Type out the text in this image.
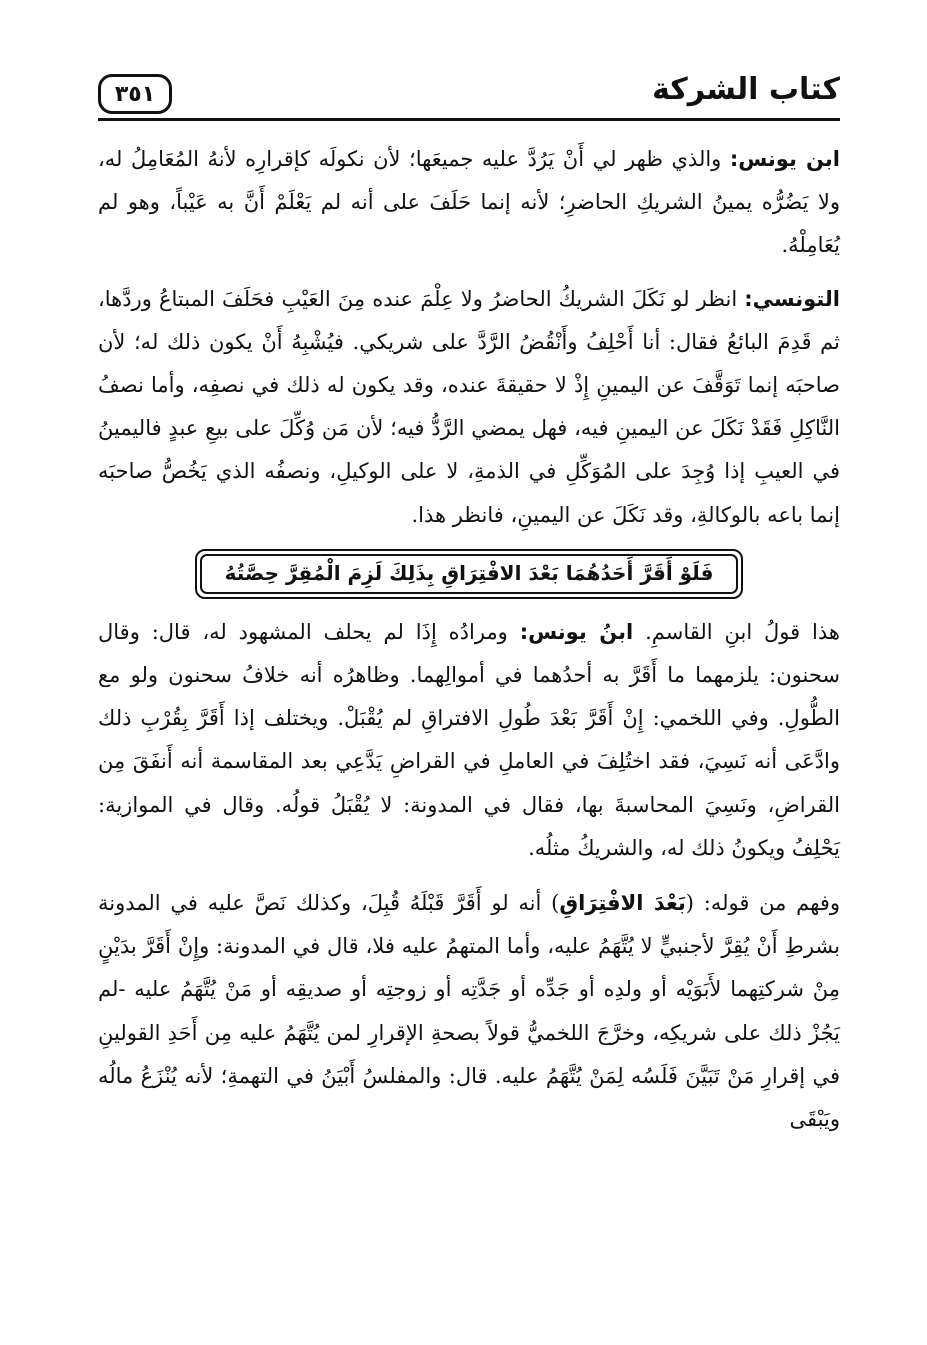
٣٥١	كتاب الشركة

ابن يونس: والذي ظهر لي أَنْ يَرُدَّ عليه جميعَها؛ لأن نكولَه كإقرارِه لأنهُ المُعَامِلُ له، ولا يَضُرُّه يمينُ الشريكِ الحاضرِ؛ لأنه إنما حَلَفَ على أنه لم يَعْلَمْ أَنَّ به عَيْباً، وهو لم يُعَامِلْهُ.

التونسي: انظر لو نَكَلَ الشريكُ الحاضرُ ولا عِلْمَ عنده مِنَ العَيْبِ فحَلَفَ المبتاعُ وردَّها، ثم قَدِمَ البائعُ فقال: أنا أَحْلِفُ وأَنْقُضُ الرَّدَّ على شريكي. فيُشْبِهُ أَنْ يكون ذلك له؛ لأن صاحبَه إنما تَوَقَّفَ عن اليمينِ إِذْ لا حقيقةَ عنده، وقد يكون له ذلك في نصفِه، وأما نصفُ النَّاكِلِ فَقَدْ نَكَلَ عن اليمينِ فيه، فهل يمضي الرَّدُّ فيه؛ لأن مَن وُكِّلَ على بيعِ عبدٍ فاليمينُ في العيبِ إذا وُجِدَ على المُوَكِّلِ في الذمةِ، لا على الوكيلِ، ونصفُه الذي يَخُصُّ صاحبَه إنما باعه بالوكالةِ، وقد نَكَلَ عن اليمينِ، فانظر هذا.

فَلَوْ أَقَرَّ أَحَدُهُمَا بَعْدَ الافْتِرَاقِ بِذَلِكَ لَزِمَ الْمُقِرَّ حِصَّتُهُ

هذا قولُ ابنِ القاسمِ. ابنُ يونس: ومرادُه إِذَا لم يحلف المشهود له، قال: وقال سحنون: يلزمهما ما أَقَرَّ به أحدُهما في أموالِهما. وظاهرُه أنه خلافُ سحنون ولو مع الطُّولِ. وفي اللخمي: إِنْ أَقَرَّ بَعْدَ طُولِ الافتراقِ لم يُقْبَلْ. ويختلف إذا أَقَرَّ بِقُرْبِ ذلك وادَّعَى أنه نَسِيَ، فقد اختُلِفَ في العاملِ في القراضِ يَدَّعِي بعد المقاسمة أنه أَنفَقَ مِن القراضِ، ونَسِيَ المحاسبةَ بها، فقال في المدونة: لا يُقْبَلُ قولُه. وقال في الموازية: يَحْلِفُ ويكونُ ذلك له، والشريكُ مثلُه.

وفهم من قوله: (بَعْدَ الافْتِرَاقِ) أنه لو أَقَرَّ قَبْلَهُ قُبِلَ، وكذلك نَصَّ عليه في المدونة بشرطِ أَنْ يُقِرَّ لأجنبيٍّ لا يُتَّهَمُ عليه، وأما المتهمُ عليه فلا، قال في المدونة: وإِنْ أَقَرَّ بدَيْنٍ مِنْ شركتِهما لأَبَوَيْه أو ولدِه أو جَدِّه أو جَدَّتِه أو زوجتِه أو صديقِه أو مَنْ يُتَّهَمُ عليه -لم يَجُزْ ذلك على شريكِه، وخرَّجَ اللخميُّ قولاً بصحةِ الإقرارِ لمن يُتَّهَمُ عليه مِن أَحَدِ القولينِ في إقرارِ مَنْ تَبَيَّنَ فَلَسُه لِمَنْ يُتَّهَمُ عليه. قال: والمفلسُ أَبْيَنُ في التهمةِ؛ لأنه يُنْزَعُ مالُه ويَبْقَى
